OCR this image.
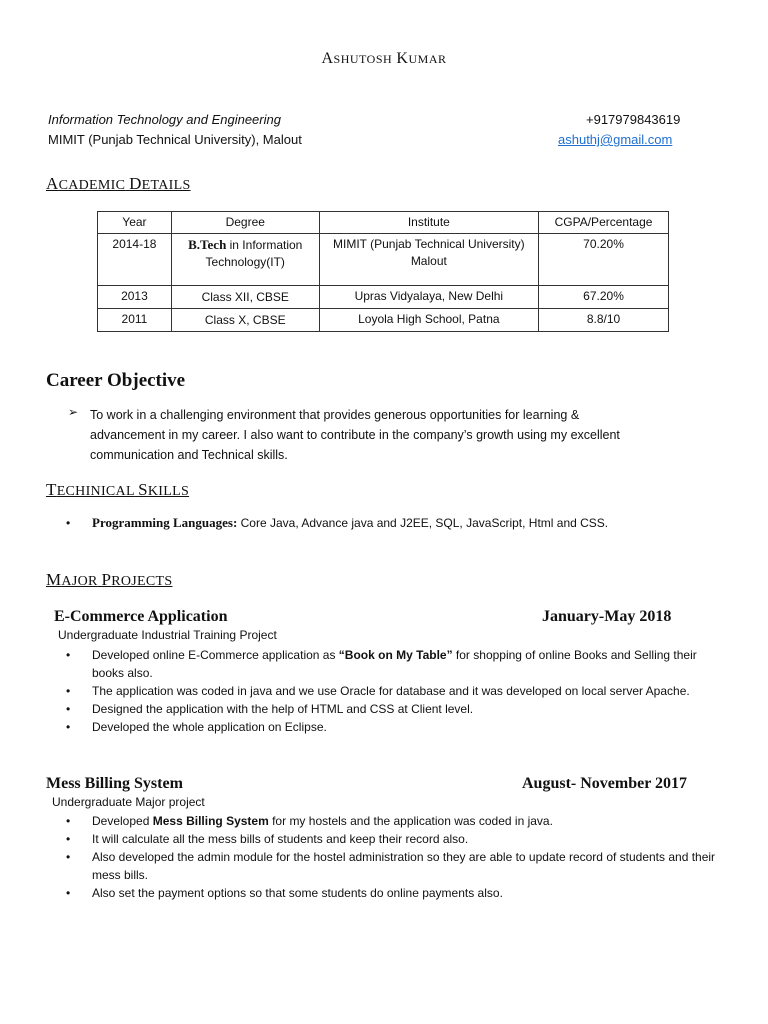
ASHUTOSH KUMAR
Information Technology and Engineering
MIMIT (Punjab Technical University), Malout
+917979843619
ashuthj@gmail.com
ACADEMIC DETAILS
Year	Degree	Institute	CGPA/Percentage
2014-18	B.Tech in Information Technology(IT)	MIMIT (Punjab Technical University) Malout	70.20%
2013	Class XII, CBSE	Upras Vidyalaya, New Delhi	67.20%
2011	Class X, CBSE	Loyola High School, Patna	8.8/10
Career Objective
➢ To work in a challenging environment that provides generous opportunities for learning &
advancement in my career. I also want to contribute in the company’s growth using my excellent
communication and Technical skills.
TECHINICAL SKILLS
• Programming Languages: Core Java, Advance java and J2EE, SQL, JavaScript, Html and CSS.
MAJOR PROJECTS
E-Commerce Application	January-May 2018
Undergraduate Industrial Training Project
• Developed online E-Commerce application as “Book on My Table” for shopping of online Books and Selling their books also.
• The application was coded in java and we use Oracle for database and it was developed on local server Apache.
• Designed the application with the help of HTML and CSS at Client level.
• Developed the whole application on Eclipse.
Mess Billing System	August- November 2017
Undergraduate Major project
• Developed Mess Billing System for my hostels and the application was coded in java.
• It will calculate all the mess bills of students and keep their record also.
• Also developed the admin module for the hostel administration so they are able to update record of students and their mess bills.
• Also set the payment options so that some students do online payments also.
